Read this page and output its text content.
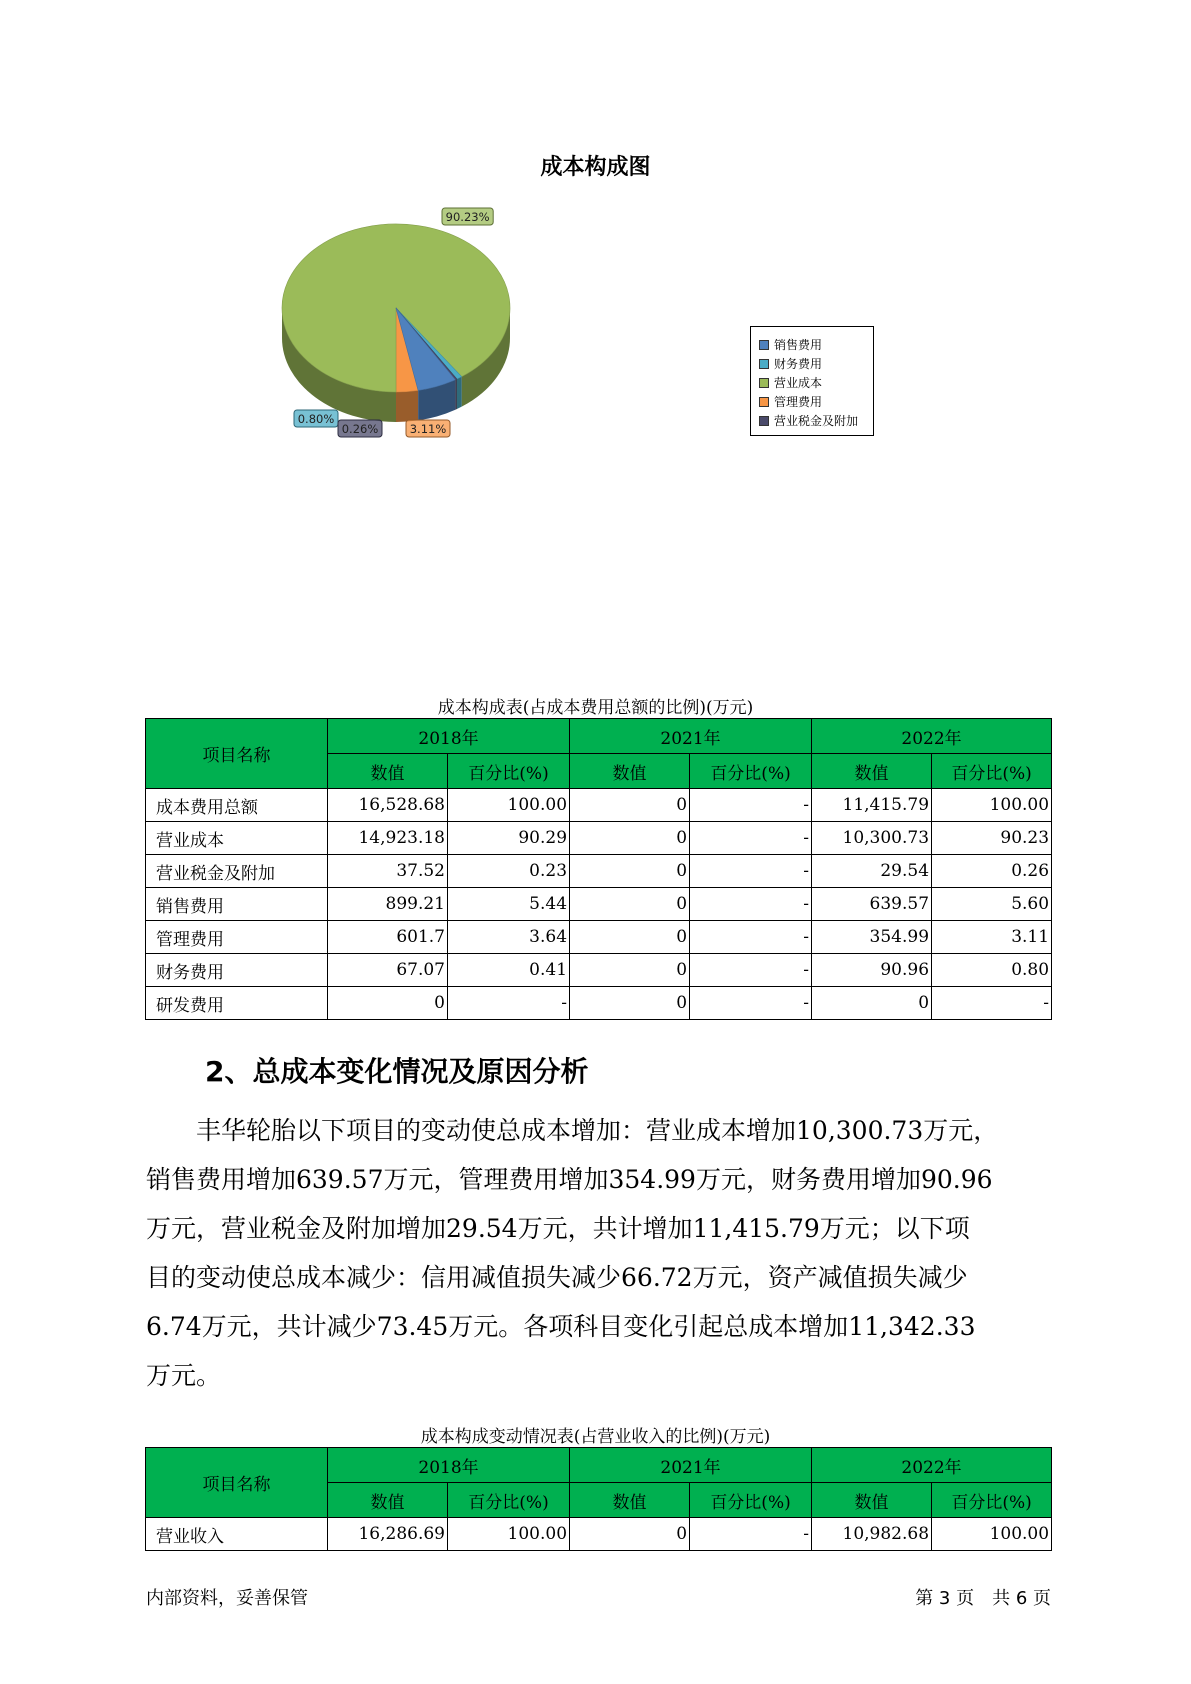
成本构成图
0.80%
90.23%
3.11%
0.26%
销售费用
财务费用
营业成本
管理费用
营业税金及附加
成本构成表(占成本费用总额的比例)(万元)
项目名称	2018年		2021年		2022年	
	数值	百分比(%)	数值	百分比(%)	数值	百分比(%)
成本费用总额	16,528.68	100.00	0	-	11,415.79	100.00
营业成本	14,923.18	90.29	0	-	10,300.73	90.23
营业税金及附加	37.52	0.23	0	-	29.54	0.26
销售费用	899.21	5.44	0	-	639.57	5.60
管理费用	601.7	3.64	0	-	354.99	3.11
财务费用	67.07	0.41	0	-	90.96	0.80
研发费用	0	-	0	-	0	-
2、总成本变化情况及原因分析
　　丰华轮胎以下项目的变动使总成本增加：营业成本增加10,300.73万元，
销售费用增加639.57万元，管理费用增加354.99万元，财务费用增加90.96
万元，营业税金及附加增加29.54万元，共计增加11,415.79万元；以下项
目的变动使总成本减少：信用减值损失减少66.72万元，资产减值损失减少
6.74万元，共计减少73.45万元。各项科目变化引起总成本增加11,342.33
万元。
成本构成变动情况表(占营业收入的比例)(万元)
项目名称	2018年		2021年		2022年	
	数值	百分比(%)	数值	百分比(%)	数值	百分比(%)
营业收入	16,286.69	100.00	0	-	10,982.68	100.00
内部资料，妥善保管	第 3 页　共 6 页
